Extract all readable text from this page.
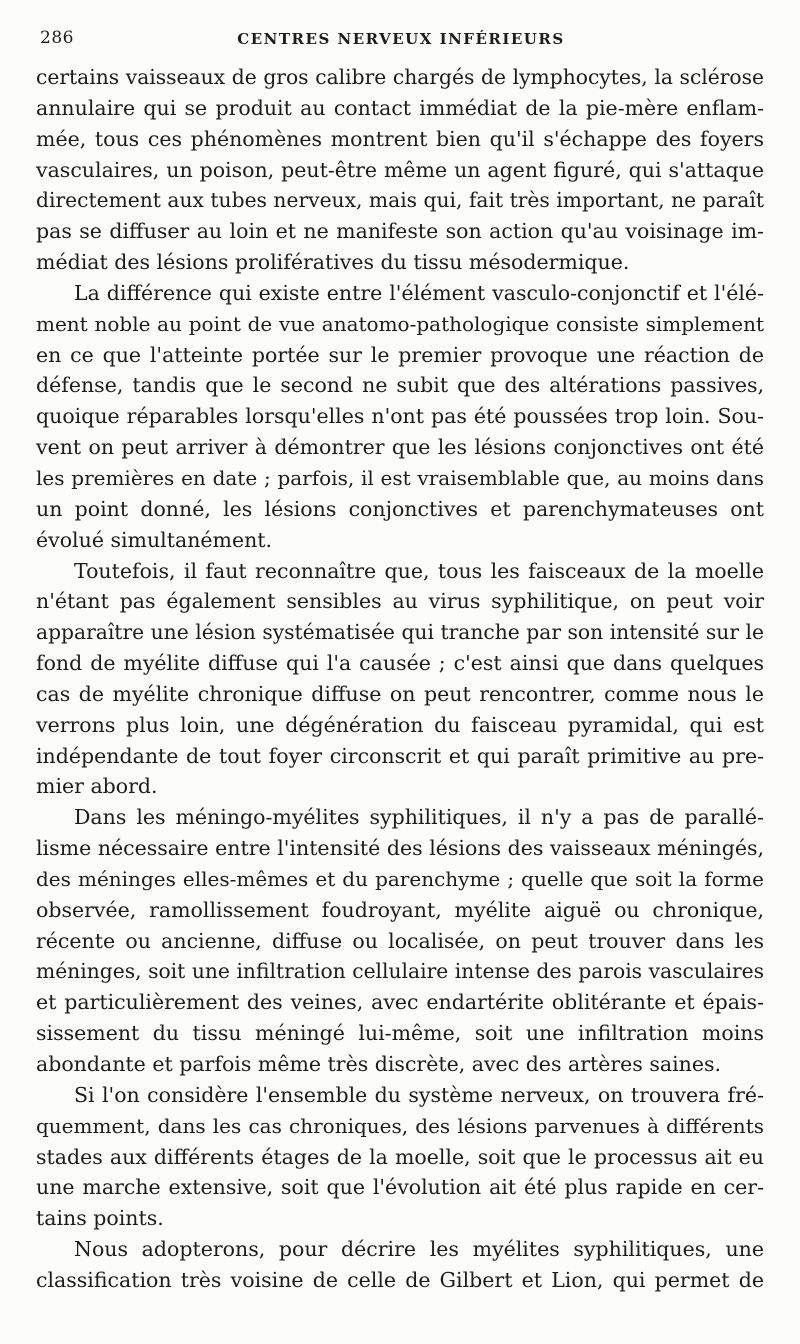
286	CENTRES NERVEUX INFÉRIEURS
certains vaisseaux de gros calibre chargés de lymphocytes, la sclérose
annulaire qui se produit au contact immédiat de la pie-mère enflam-
mée, tous ces phénomènes montrent bien qu'il s'échappe des foyers
vasculaires, un poison, peut-être même un agent figuré, qui s'attaque
directement aux tubes nerveux, mais qui, fait très important, ne paraît
pas se diffuser au loin et ne manifeste son action qu'au voisinage im-
médiat des lésions prolifératives du tissu mésodermique.
La différence qui existe entre l'élément vasculo-conjonctif et l'élé-
ment noble au point de vue anatomo-pathologique consiste simplement
en ce que l'atteinte portée sur le premier provoque une réaction de
défense, tandis que le second ne subit que des altérations passives,
quoique réparables lorsqu'elles n'ont pas été poussées trop loin. Sou-
vent on peut arriver à démontrer que les lésions conjonctives ont été
les premières en date ; parfois, il est vraisemblable que, au moins dans
un point donné, les lésions conjonctives et parenchymateuses ont
évolué simultanément.
Toutefois, il faut reconnaître que, tous les faisceaux de la moelle
n'étant pas également sensibles au virus syphilitique, on peut voir
apparaître une lésion systématisée qui tranche par son intensité sur le
fond de myélite diffuse qui l'a causée ; c'est ainsi que dans quelques
cas de myélite chronique diffuse on peut rencontrer, comme nous le
verrons plus loin, une dégénération du faisceau pyramidal, qui est
indépendante de tout foyer circonscrit et qui paraît primitive au pre-
mier abord.
Dans les méningo-myélites syphilitiques, il n'y a pas de parallé-
lisme nécessaire entre l'intensité des lésions des vaisseaux méningés,
des méninges elles-mêmes et du parenchyme ; quelle que soit la forme
observée, ramollissement foudroyant, myélite aiguë ou chronique,
récente ou ancienne, diffuse ou localisée, on peut trouver dans les
méninges, soit une infiltration cellulaire intense des parois vasculaires
et particulièrement des veines, avec endartérite oblitérante et épais-
sissement du tissu méningé lui-même, soit une infiltration moins
abondante et parfois même très discrète, avec des artères saines.
Si l'on considère l'ensemble du système nerveux, on trouvera fré-
quemment, dans les cas chroniques, des lésions parvenues à différents
stades aux différents étages de la moelle, soit que le processus ait eu
une marche extensive, soit que l'évolution ait été plus rapide en cer-
tains points.
Nous adopterons, pour décrire les myélites syphilitiques, une
classification très voisine de celle de Gilbert et Lion, qui permet de
